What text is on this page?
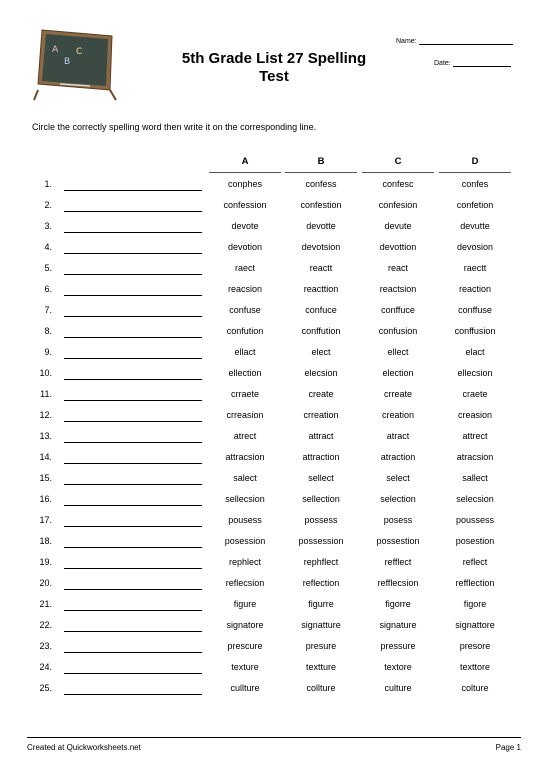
A
B
C	5th Grade List 27 Spelling
Test
Name:
Date:
Circle the correctly spelling word then write it on the corresponding line.
A	B	C	D
1.	conphes	confess	confesc	confes
2.	confession	confestion	confesion	confetion
3.	devote	devotte	devute	devutte
4.	devotion	devotsion	devottion	devosion
5.	raect	reactt	react	raectt
6.	reacsion	reacttion	reactsion	reaction
7.	confuse	confuce	conffuce	conffuse
8.	confution	conffution	confusion	conffusion
9.	ellact	elect	ellect	elact
10.	ellection	elecsion	election	ellecsion
11.	crraete	create	crreate	craete
12.	crreasion	crreation	creation	creasion
13.	atrect	attract	atract	attrect
14.	attracsion	attraction	atraction	atracsion
15.	salect	sellect	select	sallect
16.	sellecsion	sellection	selection	selecsion
17.	pousess	possess	posess	poussess
18.	posession	possession	possestion	posestion
19.	rephlect	rephflect	refflect	reflect
20.	reflecsion	reflection	refflecsion	reffleсtion
21.	figure	figurre	figorre	figore
22.	signatore	signatture	signature	signattore
23.	prescure	presure	pressure	presore
24.	texture	textture	textore	texttore
25.	cullture	collture	culture	colture
Created at Quickworksheets.net	Page 1
